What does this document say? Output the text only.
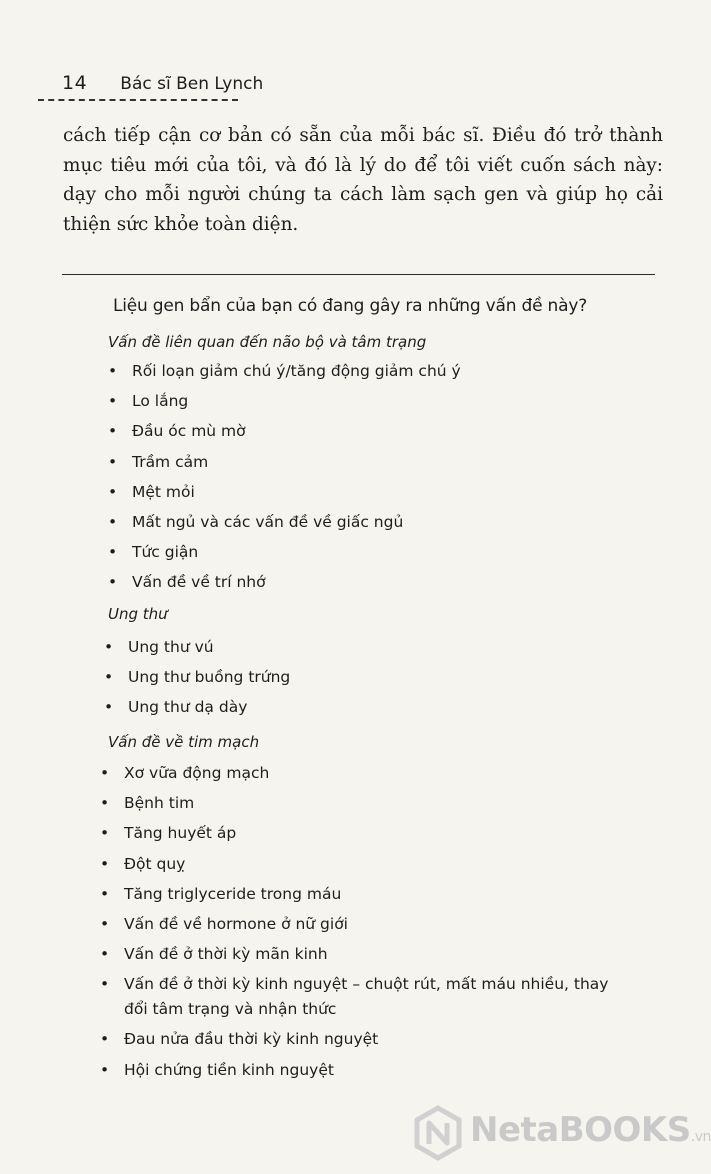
14 Bác sĩ Ben Lynch

cách tiếp cận cơ bản có sẵn của mỗi bác sĩ. Điều đó trở thành mục tiêu mới của tôi, và đó là lý do để tôi viết cuốn sách này: dạy cho mỗi người chúng ta cách làm sạch gen và giúp họ cải thiện sức khỏe toàn diện.

Liệu gen bẩn của bạn có đang gây ra những vấn đề này?
Vấn đề liên quan đến não bộ và tâm trạng
• Rối loạn giảm chú ý/tăng động giảm chú ý
• Lo lắng
• Đầu óc mù mờ
• Trầm cảm
• Mệt mỏi
• Mất ngủ và các vấn đề về giấc ngủ
• Tức giận
• Vấn đề về trí nhớ
Ung thư
• Ung thư vú
• Ung thư buồng trứng
• Ung thư dạ dày
Vấn đề về tim mạch
• Xơ vữa động mạch
• Bệnh tim
• Tăng huyết áp
• Đột quỵ
• Tăng triglyceride trong máu
• Vấn đề về hormone ở nữ giới
• Vấn đề ở thời kỳ mãn kinh
• Vấn đề ở thời kỳ kinh nguyệt – chuột rút, mất máu nhiều, thay đổi tâm trạng và nhận thức
• Đau nửa đầu thời kỳ kinh nguyệt
• Hội chứng tiền kinh nguyệt
NetaBOOKS.vn
